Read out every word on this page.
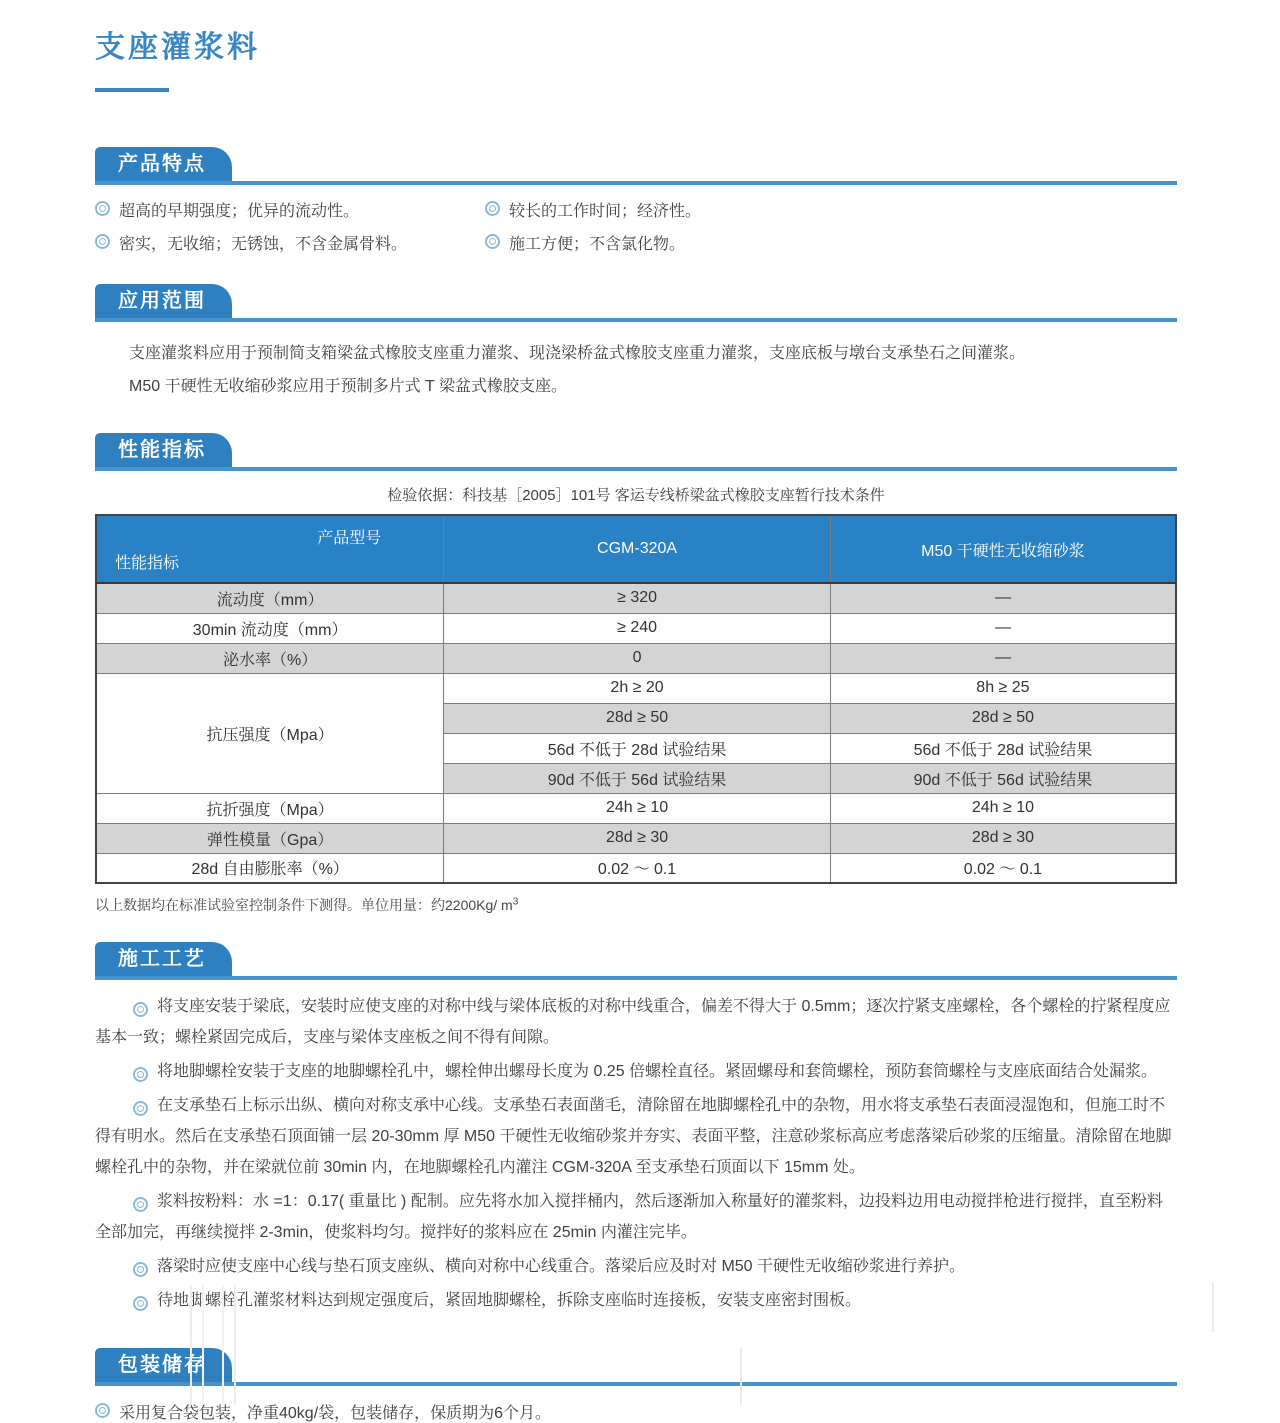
支座灌浆料
产品特点
超高的早期强度；优异的流动性。	较长的工作时间；经济性。
密实，无收缩；无锈蚀，不含金属骨料。	施工方便；不含氯化物。
应用范围

支座灌浆料应用于预制简支箱梁盆式橡胶支座重力灌浆、现浇梁桥盆式橡胶支座重力灌浆，支座底板与墩台支承垫石之间灌浆。

M50 干硬性无收缩砂浆应用于预制多片式 T 梁盆式橡胶支座。

性能指标
检验依据：科技基［2005］101号 客运专线桥梁盆式橡胶支座暂行技术条件
产品型号
性能指标	CGM-320A	M50 干硬性无收缩砂浆
流动度（mm）	≥ 320	—
30min 流动度（mm）	≥ 240	—
泌水率（%）	0	—
抗压强度（Mpa）	2h ≥ 20	8h ≥ 25
	28d ≥ 50	28d ≥ 50
	56d 不低于 28d 试验结果	56d 不低于 28d 试验结果
	90d 不低于 56d 试验结果	90d 不低于 56d 试验结果
抗折强度（Mpa）	24h ≥ 10	24h ≥ 10
弹性模量（Gpa）	28d ≥ 30	28d ≥ 30
28d 自由膨胀率（%）	0.02 ～ 0.1	0.02 ～ 0.1
以上数据均在标准试验室控制条件下测得。单位用量：约2200Kg/ $m^3$
施工工艺

将支座安装于梁底，安装时应使支座的对称中线与梁体底板的对称中线重合，偏差不得大于 0.5mm；逐次拧紧支座螺栓，各个螺栓的拧紧程度应基本一致；螺栓紧固完成后，支座与梁体支座板之间不得有间隙。

将地脚螺栓安装于支座的地脚螺栓孔中，螺栓伸出螺母长度为 0.25 倍螺栓直径。紧固螺母和套筒螺栓，预防套筒螺栓与支座底面结合处漏浆。

在支承垫石上标示出纵、横向对称支承中心线。支承垫石表面凿毛，清除留在地脚螺栓孔中的杂物，用水将支承垫石表面浸湿饱和，但施工时不得有明水。然后在支承垫石顶面铺一层 20-30mm 厚 M50 干硬性无收缩砂浆并夯实、表面平整，注意砂浆标高应考虑落梁后砂浆的压缩量。清除留在地脚螺栓孔中的杂物，并在梁就位前 30min 内，在地脚螺栓孔内灌注 CGM-320A 至支承垫石顶面以下 15mm 处。

浆料按粉料：水 =1：0.17( 重量比 ) 配制。应先将水加入搅拌桶内，然后逐渐加入称量好的灌浆料，边投料边用电动搅拌枪进行搅拌，直至粉料全部加完，再继续搅拌 2-3min，使浆料均匀。搅拌好的浆料应在 25min 内灌注完毕。

落梁时应使支座中心线与垫石顶支座纵、横向对称中心线重合。落梁后应及时对 M50 干硬性无收缩砂浆进行养护。

待地脚螺栓孔灌浆材料达到规定强度后，紧固地脚螺栓，拆除支座临时连接板，安装支座密封围板。

包装储存
采用复合袋包装，净重40kg/袋，包装储存，保质期为6个月。
